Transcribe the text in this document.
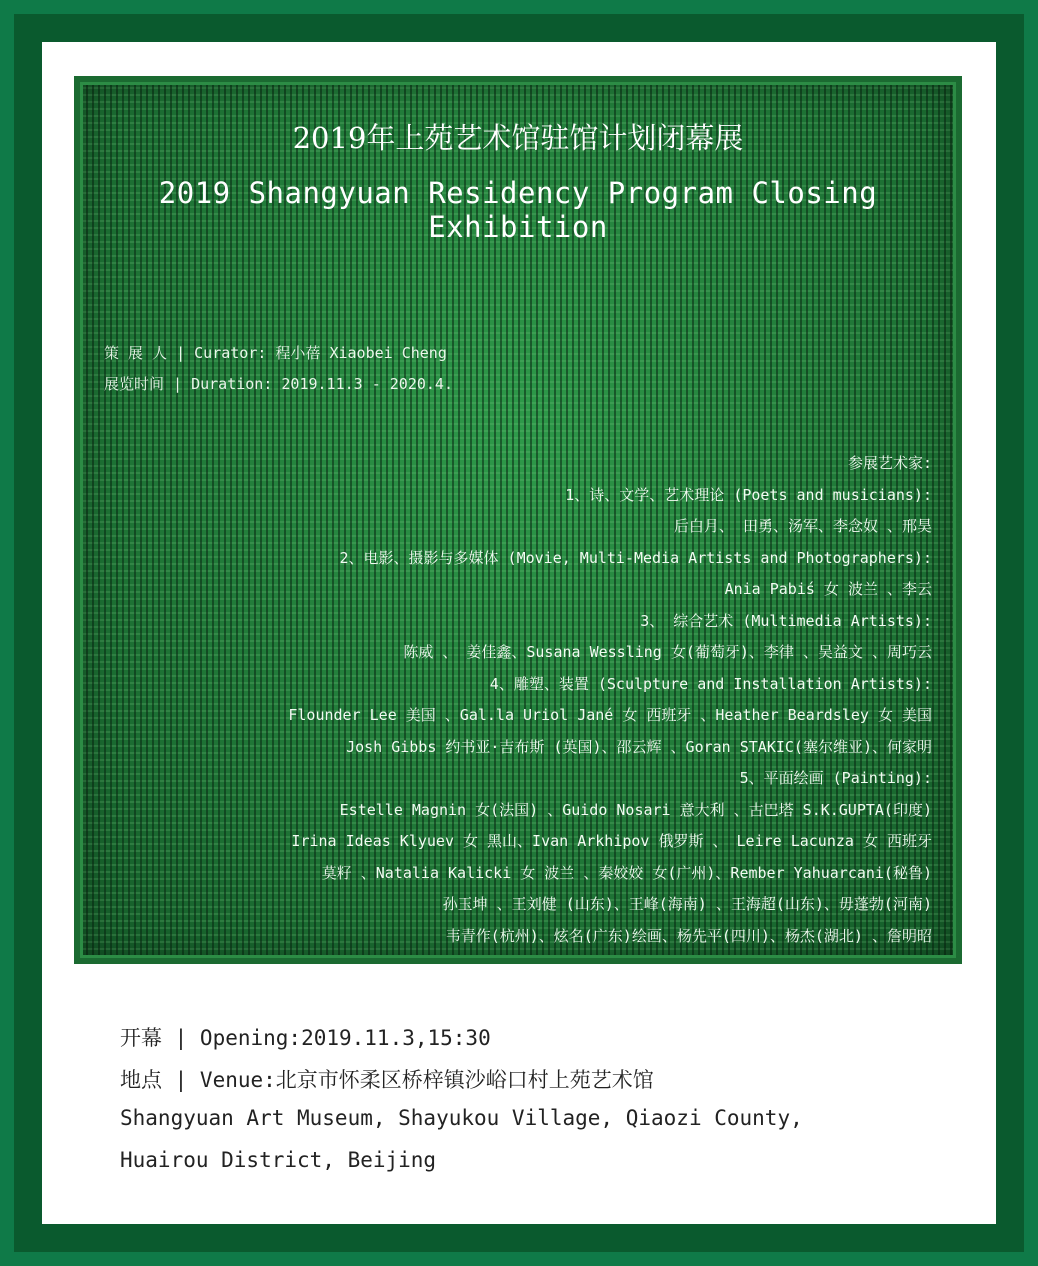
2019年上苑艺术馆驻馆计划闭幕展
2019 Shangyuan Residency Program Closing Exhibition
策 展 人 | Curator: 程小蓓 Xiaobei Cheng
展览时间 | Duration: 2019.11.3 - 2020.4.
参展艺术家:
1、诗、文学、艺术理论 (Poets and musicians):
后白月、 田勇、汤军、李念奴 、邢昊
2、电影、摄影与多媒体 (Movie, Multi-Media Artists and Photographers):
Ania Pabiś 女 波兰 、李云
3、 综合艺术 (Multimedia Artists):
陈威 、 姜佳鑫、Susana Wessling 女(葡萄牙)、李律 、吴益文 、周巧云
4、雕塑、装置 (Sculpture and Installation Artists):
Flounder Lee 美国 、Gal.la Uriol Jané 女 西班牙 、Heather Beardsley 女 美国
Josh Gibbs 约书亚·吉布斯 (英国)、邵云辉 、Goran STAKIC(塞尔维亚)、何家明
5、平面绘画 (Painting):
Estelle Magnin 女(法国) 、Guido Nosari 意大利 、古巴塔 S.K.GUPTA(印度)
Irina Ideas Klyuev 女 黑山、Ivan Arkhipov 俄罗斯 、 Leire Lacunza 女 西班牙
莫籽 、Natalia Kalicki 女 波兰 、秦姣姣 女(广州)、Rember Yahuarcani(秘鲁)
孙玉坤 、王刘健 (山东)、王峰(海南) 、王海超(山东)、毋蓬勃(河南)
韦青作(杭州)、炫名(广东)绘画、杨先平(四川)、杨杰(湖北) 、詹明昭
开幕 | Opening:2019.11.3,15:30
地点 | Venue:北京市怀柔区桥梓镇沙峪口村上苑艺术馆
Shangyuan Art Museum, Shayukou Village, Qiaozi County,
Huairou District, Beijing
